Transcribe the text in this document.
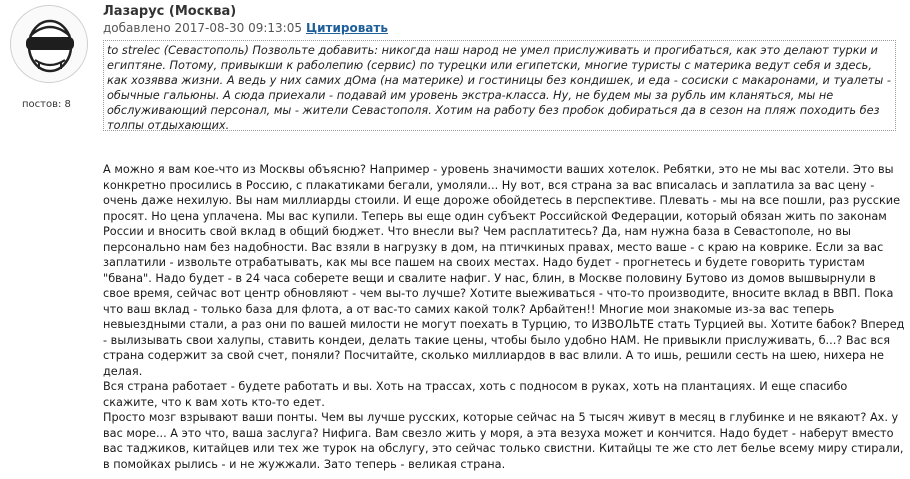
постов: 8
Лазарус (Москва)
добавлено 2017-08-30 09:13:05 Цитировать
to strelec (Севастополь) Позвольте добавить: никогда наш народ не умел прислуживать и прогибаться, как это делают турки и египтяне. Потому, привыкши к раболепию (сервис) по турецки или египетски, многие туристы с материка ведут себя и здесь, как хозявва жизни. А ведь у них самих дОма (на материке) и гостиницы без кондишек, и еда - сосиски с макаронами, и туалеты - обычные гальюны. А сюда приехали - подавай им уровень экстра-класса. Ну, не будем мы за рубль им кланяться, мы не обслуживающий персонал, мы - жители Севастополя. Хотим на работу без пробок добираться да в сезон на пляж походить без толпы отдыхающих.

А можно я вам кое-что из Москвы объясню? Например - уровень значимости ваших хотелок. Ребятки, это не мы вас хотели. Это вы конкретно просились в Россию, с плакатиками бегали, умоляли... Ну вот, вся страна за вас вписалась и заплатила за вас цену - очень даже нехилую. Вы нам миллиарды стоили. И еще дороже обойдетесь в перспективе. Плевать - мы на все пошли, раз русские просят. Но цена уплачена. Мы вас купили. Теперь вы еще один субъект Российской Федерации, который обязан жить по законам России и вносить свой вклад в общий бюджет. Что внесли вы? Чем расплатитесь? Да, нам нужна база в Севастополе, но вы персонально нам без надобности. Вас взяли в нагрузку в дом, на птичкиных правах, место ваше - с краю на коврике. Если за вас заплатили - извольте отрабатывать, как мы все пашем на своих местах. Надо будет - прогнетесь и будете говорить туристам "бвана". Надо будет - в 24 часа соберете вещи и свалите нафиг. У нас, блин, в Москве половину Бутово из домов вышвырнули в свое время, сейчас вот центр обновляют - чем вы-то лучше? Хотите выеживаться - что-то производите, вносите вклад в ВВП. Пока что ваш вклад - только база для флота, а от вас-то самих какой толк? Арбайтен!! Многие мои знакомые из-за вас теперь невыездными стали, а раз они по вашей милости не могут поехать в Турцию, то ИЗВОЛЬТЕ стать Турцией вы. Хотите бабок? Вперед - вылизывать свои халупы, ставить кондеи, делать такие цены, чтобы было удобно НАМ. Не привыкли прислуживать, б...? Вас вся страна содержит за свой счет, поняли? Посчитайте, сколько миллиардов в вас влили. А то ишь, решили сесть на шею, нихера не делая.

Вся страна работает - будете работать и вы. Хоть на трассах, хоть с подносом в руках, хоть на плантациях. И еще спасибо скажите, что к вам хоть кто-то едет.

Просто мозг взрывают ваши понты. Чем вы лучше русских, которые сейчас на 5 тысяч живут в месяц в глубинке и не вякают? Ах. у вас море... А это что, ваша заслуга? Нифига. Вам свезло жить у моря, а эта везуха может и кончится. Надо будет - наберут вместо вас таджиков, китайцев или тех же турок на обслугу, это сейчас только свистни. Китайцы те же сто лет белье всему миру стирали, в помойках рылись - и не жужжали. Зато теперь - великая страна.
